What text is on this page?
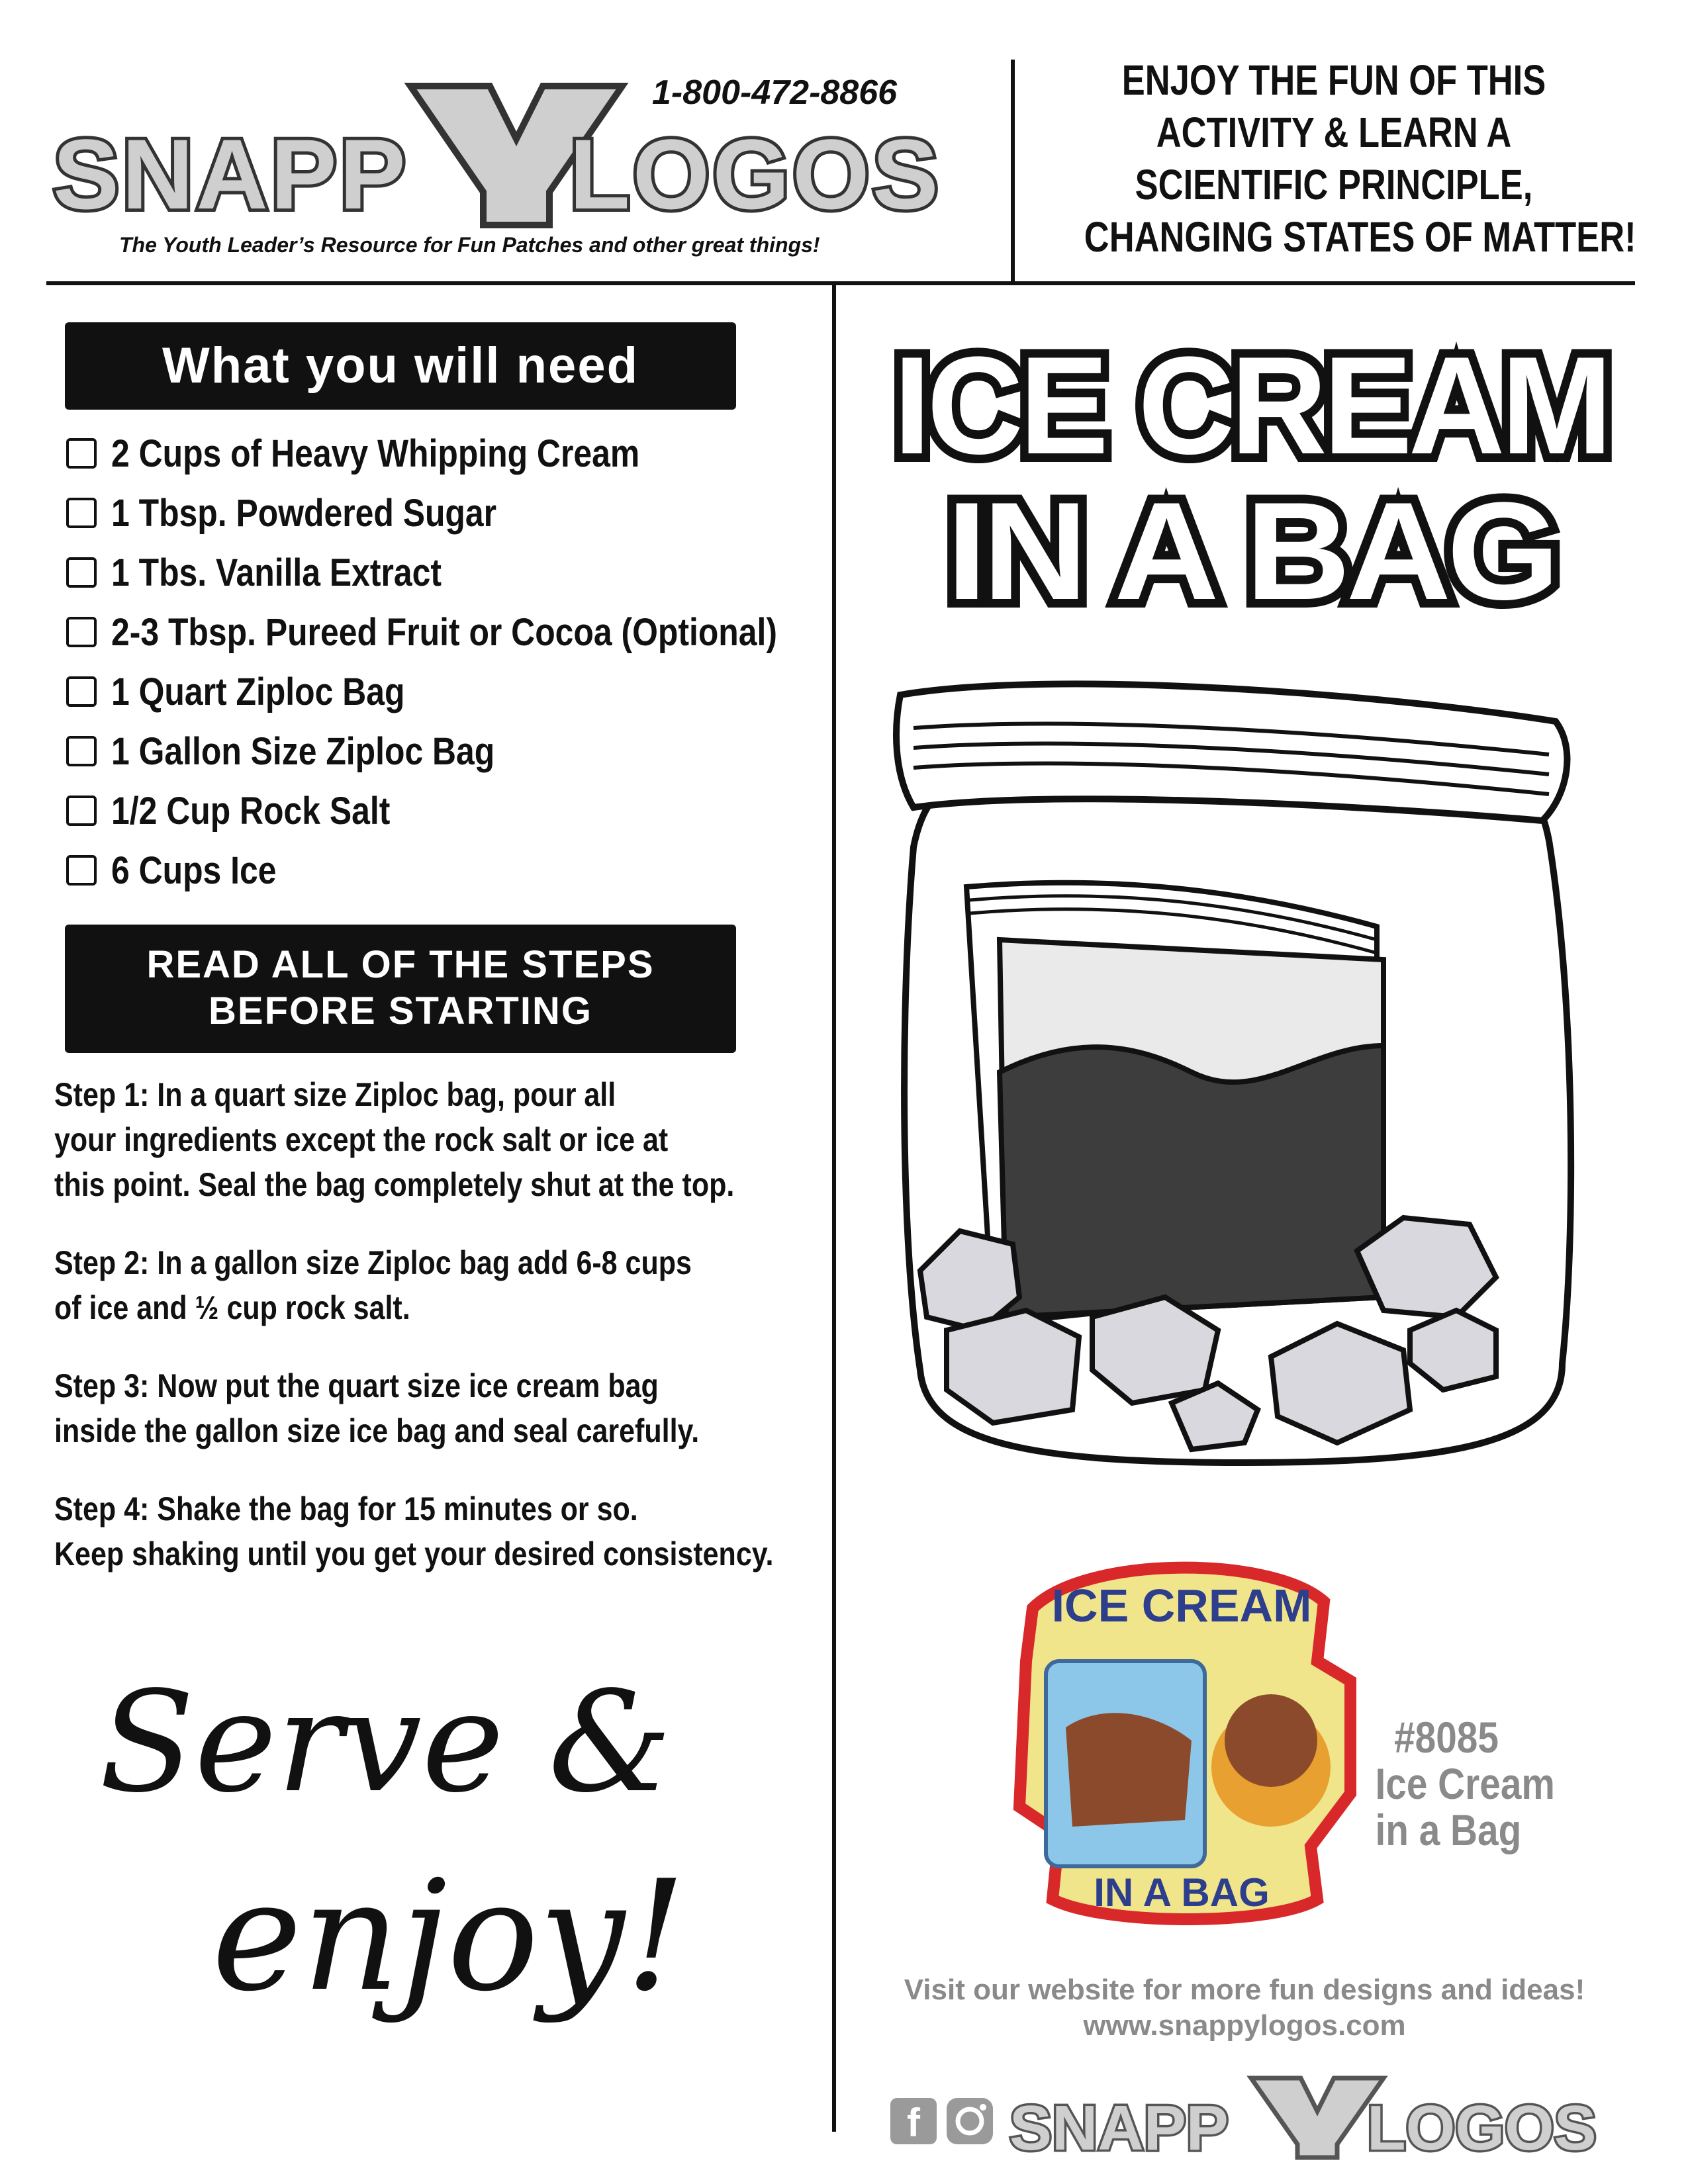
SNAPP LOGOS
1-800-472-8866
The Youth Leader’s Resource for Fun Patches and other great things!
ENJOY THE FUN OF THIS
ACTIVITY & LEARN A
SCIENTIFIC PRINCIPLE,
CHANGING STATES OF MATTER!
What you will need
2 Cups of Heavy Whipping Cream
1 Tbsp. Powdered Sugar
1 Tbs. Vanilla Extract
2-3 Tbsp. Pureed Fruit or Cocoa (Optional)
1 Quart Ziploc Bag
1 Gallon Size Ziploc Bag
1/2 Cup Rock Salt
6 Cups Ice
READ ALL OF THE STEPS
BEFORE STARTING
Step 1: In a quart size Ziploc bag, pour all
your ingredients except the rock salt or ice at
this point. Seal the bag completely shut at the top.
Step 2: In a gallon size Ziploc bag add 6-8 cups
of ice and ½ cup rock salt.
Step 3: Now put the quart size ice cream bag
inside the gallon size ice bag and seal carefully.
Step 4: Shake the bag for 15 minutes or so.
Keep shaking until you get your desired consistency.
Serve &
enjoy!
ICE CREAM
IN A BAG
ICE CREAM
IN A BAG
#8085
Ice Cream
in a Bag
Visit our website for more fun designs and ideas!
www.snappylogos.com
f SNAPP LOGOS
